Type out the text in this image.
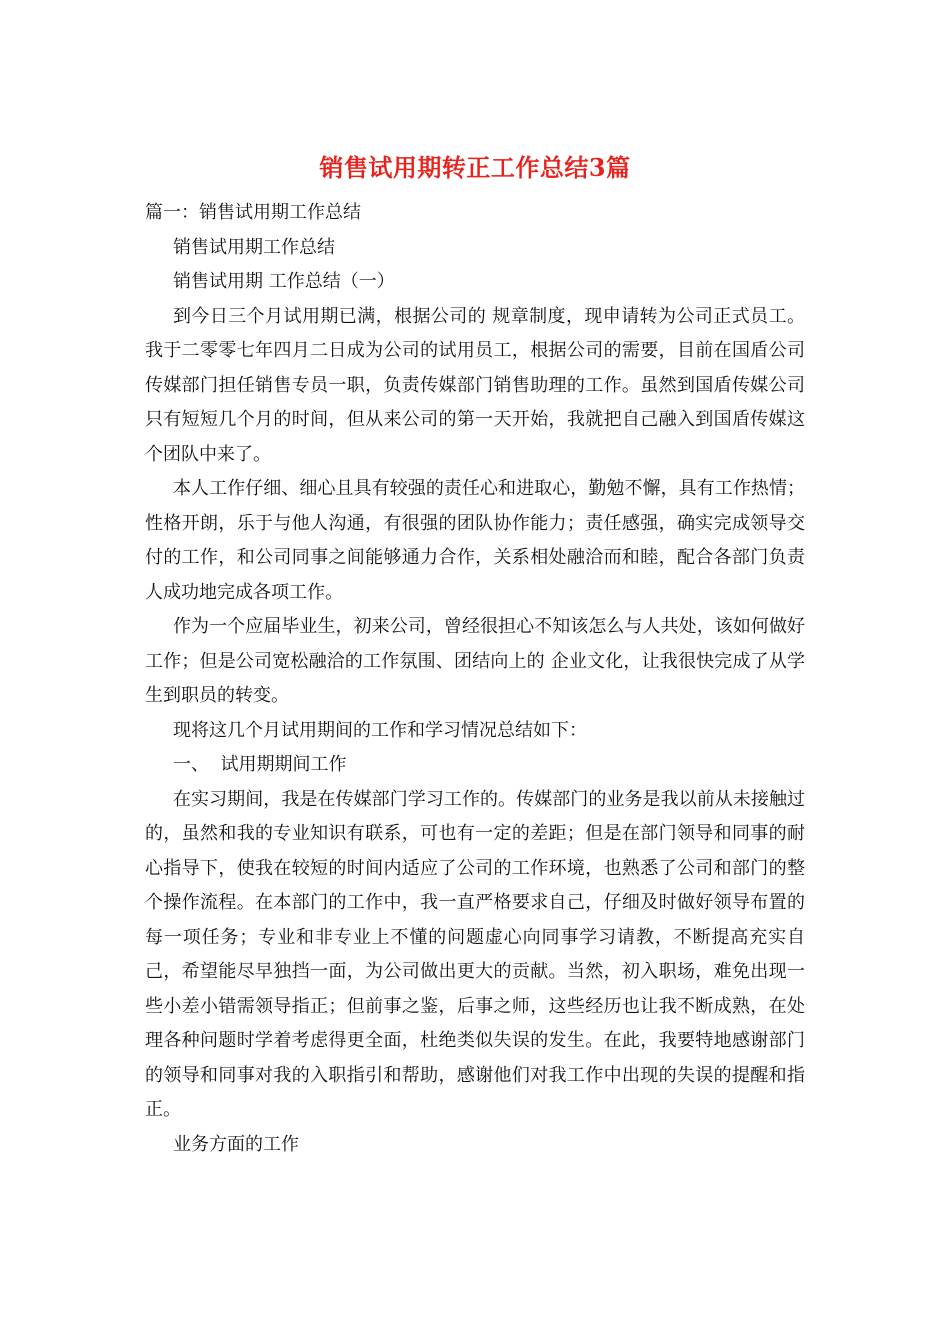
销售试用期转正工作总结3篇

篇一：销售试用期工作总结

销售试用期工作总结

销售试用期 工作总结（一）

到今日三个月试用期已满，根据公司的 规章制度，现申请转为公司正式员工。我于二零零七年四月二日成为公司的试用员工，根据公司的需要，目前在国盾公司传媒部门担任销售专员一职，负责传媒部门销售助理的工作。虽然到国盾传媒公司只有短短几个月的时间，但从来公司的第一天开始，我就把自己融入到国盾传媒这个团队中来了。

本人工作仔细、细心且具有较强的责任心和进取心，勤勉不懈，具有工作热情；性格开朗，乐于与他人沟通，有很强的团队协作能力；责任感强，确实完成领导交付的工作，和公司同事之间能够通力合作，关系相处融洽而和睦，配合各部门负责人成功地完成各项工作。

作为一个应届毕业生，初来公司，曾经很担心不知该怎么与人共处，该如何做好工作；但是公司宽松融洽的工作氛围、团结向上的 企业文化，让我很快完成了从学生到职员的转变。

现将这几个月试用期间的工作和学习情况总结如下：

一、  试用期期间工作

在实习期间，我是在传媒部门学习工作的。传媒部门的业务是我以前从未接触过的，虽然和我的专业知识有联系，可也有一定的差距；但是在部门领导和同事的耐心指导下，使我在较短的时间内适应了公司的工作环境，也熟悉了公司和部门的整个操作流程。在本部门的工作中，我一直严格要求自己，仔细及时做好领导布置的每一项任务；专业和非专业上不懂的问题虚心向同事学习请教，不断提高充实自己，希望能尽早独挡一面，为公司做出更大的贡献。当然，初入职场，难免出现一些小差小错需领导指正；但前事之鉴，后事之师，这些经历也让我不断成熟，在处理各种问题时学着考虑得更全面，杜绝类似失误的发生。在此，我要特地感谢部门的领导和同事对我的入职指引和帮助，感谢他们对我工作中出现的失误的提醒和指正。

业务方面的工作
